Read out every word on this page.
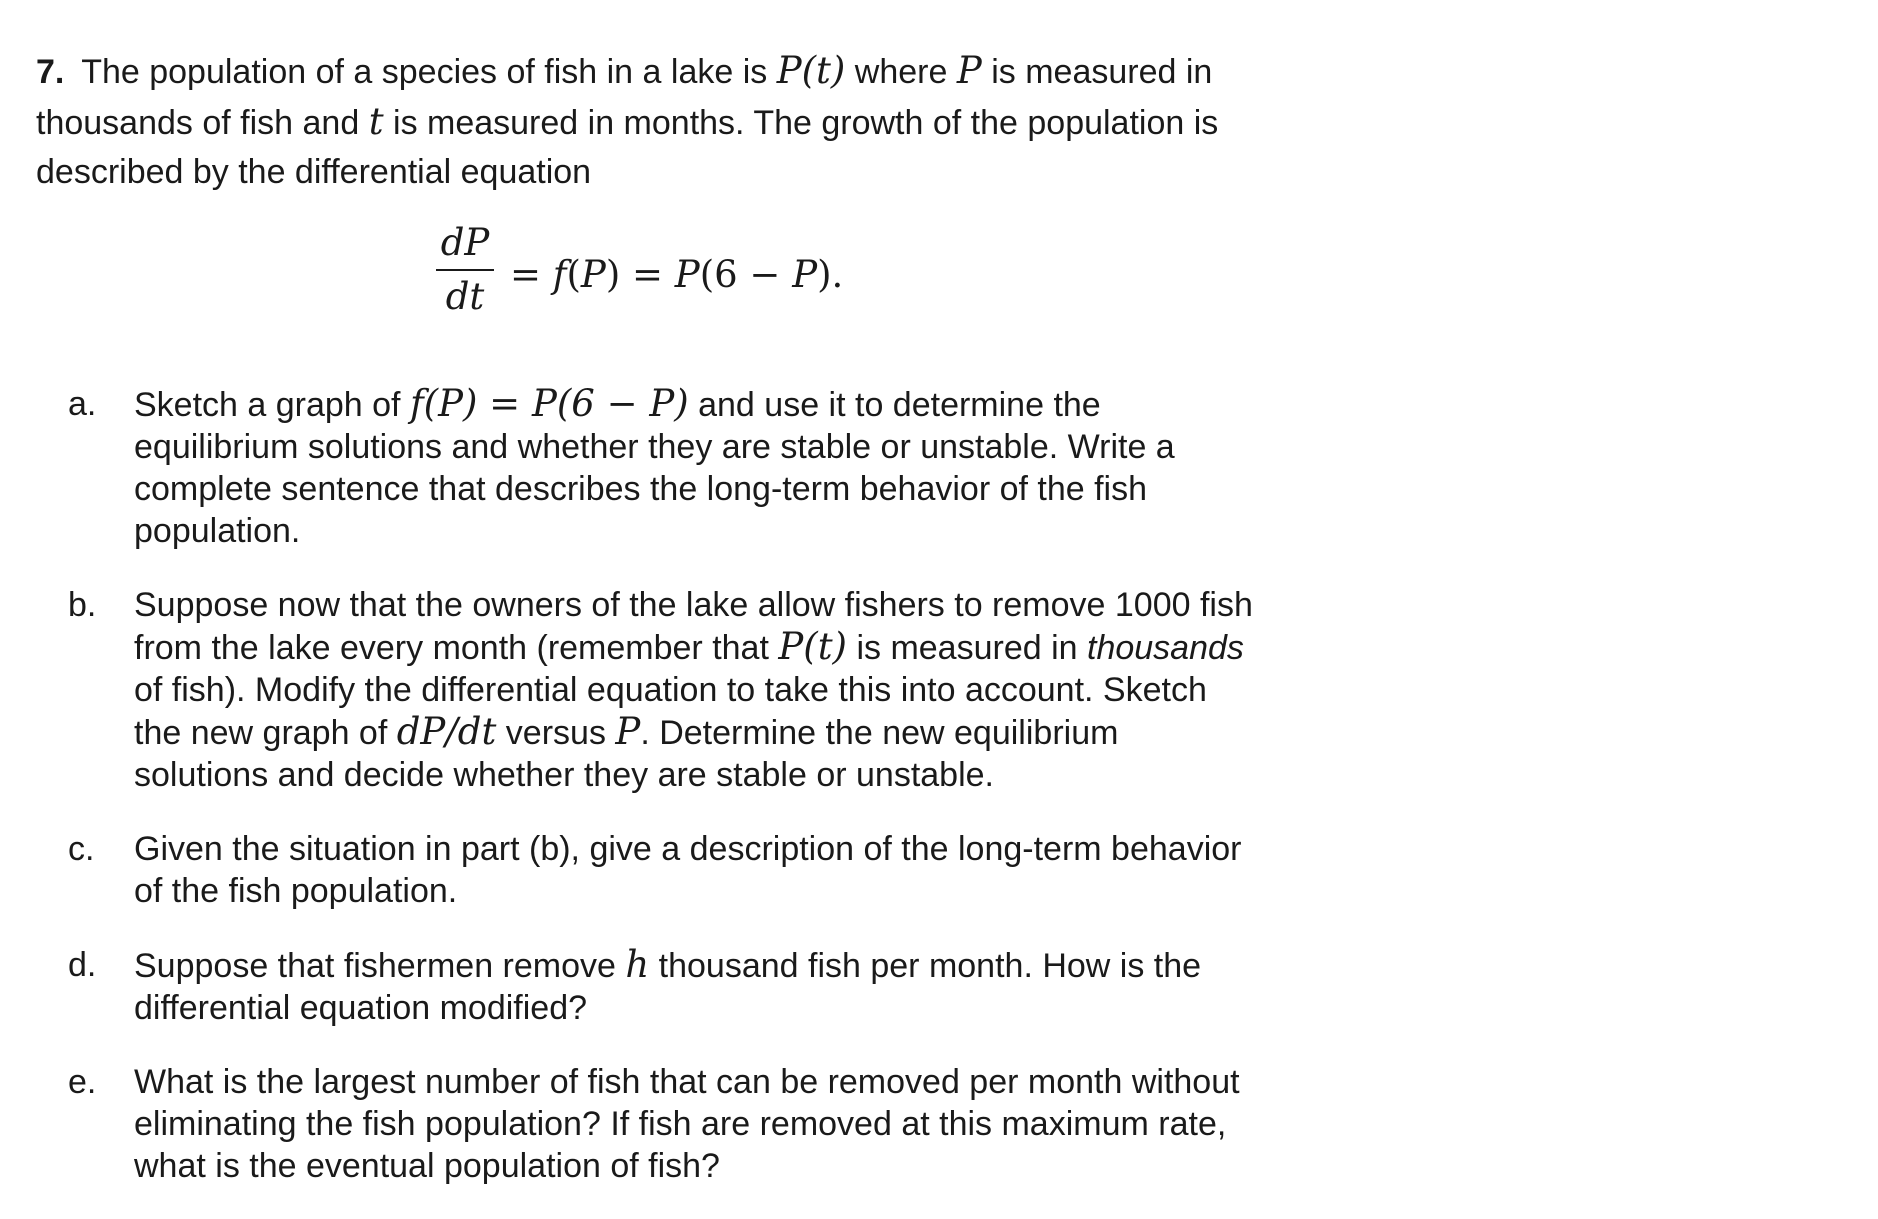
7. The population of a species of fish in a lake is P(t) where P is measured in thousands of fish and t is measured in months. The growth of the population is described by the differential equation

$\frac{dP}{dt} = f(P) = P(6 - P)$.
a. Sketch a graph of f(P) = P(6 − P) and use it to determine the equilibrium solutions and whether they are stable or unstable. Write a complete sentence that describes the long-term behavior of the fish population.
b. Suppose now that the owners of the lake allow fishers to remove 1000 fish from the lake every month (remember that P(t) is measured in thousands of fish). Modify the differential equation to take this into account. Sketch the new graph of dP/dt versus P. Determine the new equilibrium solutions and decide whether they are stable or unstable.
c. Given the situation in part (b), give a description of the long-term behavior of the fish population.
d. Suppose that fishermen remove h thousand fish per month. How is the differential equation modified?
e. What is the largest number of fish that can be removed per month without eliminating the fish population? If fish are removed at this maximum rate, what is the eventual population of fish?
